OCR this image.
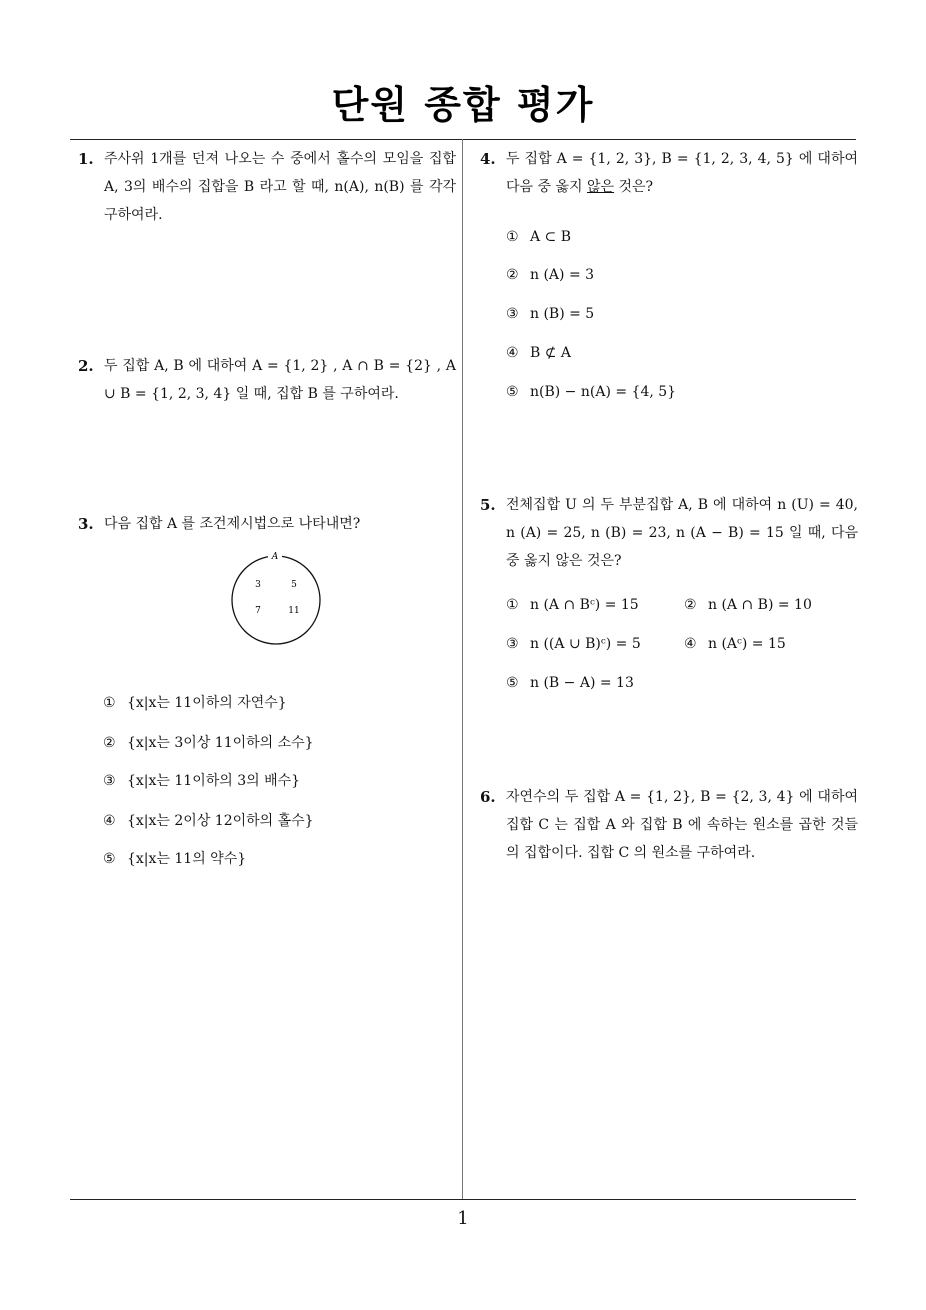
단원 종합 평가
1
1. 주사위 1개를 던져 나오는 수 중에서 홀수의 모임을 집합 A, 3의 배수의 집합을 B 라고 할 때, n(A), n(B) 를 각각 구하여라.
2. 두 집합 A, B 에 대하여 A = {1, 2} , A ∩ B = {2} , A ∪ B = {1, 2, 3, 4} 일 때, 집합 B 를 구하여라.
3. 다음 집합 A 를 조건제시법으로 나타내면?
A
3	5
7	11
① {x|x는 11이하의 자연수}
② {x|x는 3이상 11이하의 소수}
③ {x|x는 11이하의 3의 배수}
④ {x|x는 2이상 12이하의 홀수}
⑤ {x|x는 11의 약수}
4. 두 집합 A = {1, 2, 3}, B = {1, 2, 3, 4, 5} 에 대하여 다음 중 옳지 않은 것은?
① A ⊂ B
② n (A) = 3
③ n (B) = 5
④ B ⊄ A
⑤ n(B) − n(A) = {4, 5}
5. 전체집합 U 의 두 부분집합 A, B 에 대하여 n (U) = 40, n (A) = 25, n (B) = 23, n (A − B) = 15 일 때, 다음 중 옳지 않은 것은?
① n (A ∩ Bᶜ) = 15	② n (A ∩ B) = 10
③ n ((A ∪ B)ᶜ) = 5	④ n (Aᶜ) = 15
⑤ n (B − A) = 13
6. 자연수의 두 집합 A = {1, 2}, B = {2, 3, 4} 에 대하여 집합 C 는 집합 A 와 집합 B 에 속하는 원소를 곱한 것들의 집합이다. 집합 C 의 원소를 구하여라.
